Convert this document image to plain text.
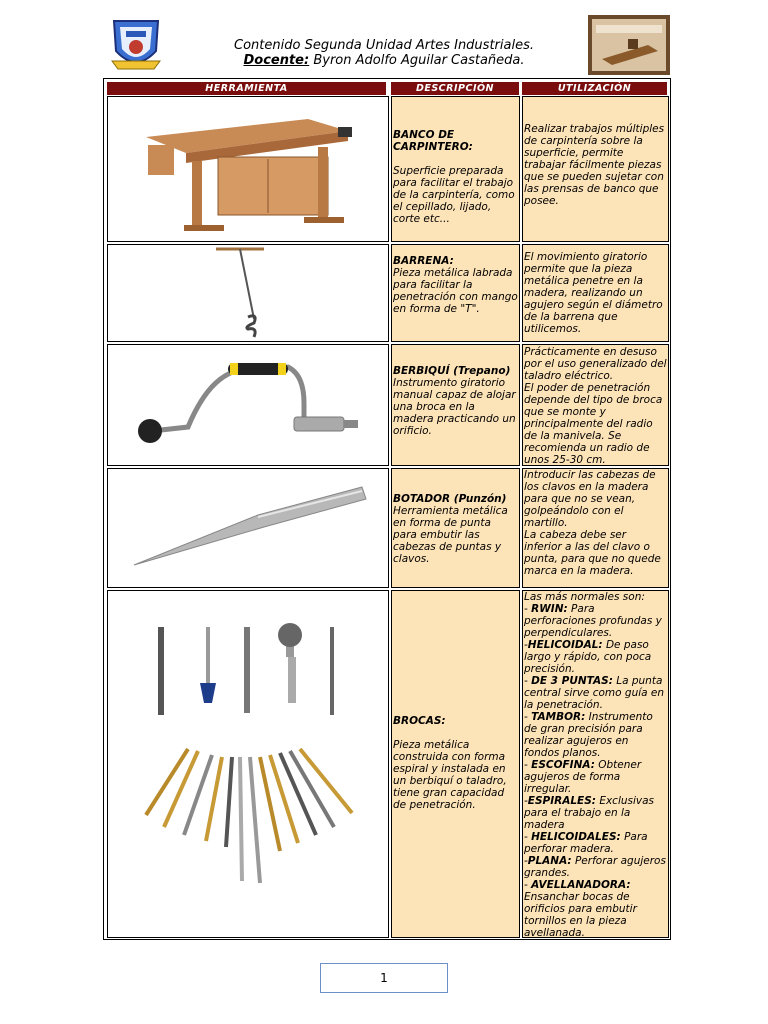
Contenido Segunda Unidad Artes Industriales.
Docente: Byron Adolfo Aguilar Castañeda.
HERRAMIENTA	DESCRIPCIÓN	UTILIZACIÓN
BANCO DE CARPINTERO:

Superficie preparada para facilitar el trabajo de la carpintería, como el cepillado, lijado, corte etc...
Realizar trabajos múltiples de carpintería sobre la superficie, permite trabajar fácilmente piezas que se pueden sujetar con las prensas de banco que posee.
BARRENA:
Pieza metálica labrada para facilitar la penetración con mango en forma de "T".
El movimiento giratorio permite que la pieza metálica penetre en la madera, realizando un agujero según el diámetro de la barrena que utilicemos.
BERBIQUÍ (Trepano)
Instrumento giratorio manual capaz de alojar una broca en la madera practicando un orificio.
Prácticamente en desuso por el uso generalizado del taladro eléctrico.
El poder de penetración depende del tipo de broca que se monte y principalmente del radio de la manivela. Se recomienda un radio de unos 25-30 cm.
BOTADOR (Punzón)
Herramienta metálica en forma de punta para embutir las cabezas de puntas y clavos.
Introducir las cabezas de los clavos en la madera para que no se vean, golpeándolo con el martillo.
La cabeza debe ser inferior a las del clavo o punta, para que no quede marca en la madera.
BROCAS:

Pieza metálica construida con forma espiral y instalada en un berbiquí o taladro, tiene gran capacidad de penetración.
Las más normales son:
- RWIN: Para perforaciones profundas y perpendiculares.
-HELICOIDAL: De paso largo y rápido, con poca precisión.
- DE 3 PUNTAS: La punta central sirve como guía en la penetración.
- TAMBOR: Instrumento de gran precisión para realizar agujeros en fondos planos.
- ESCOFINA: Obtener agujeros de forma irregular.
-ESPIRALES: Exclusivas para el trabajo en la madera
- HELICOIDALES: Para perforar madera.
-PLANA: Perforar agujeros grandes.
- AVELLANADORA: Ensanchar bocas de orificios para embutir tornillos en la pieza avellanada.
1
